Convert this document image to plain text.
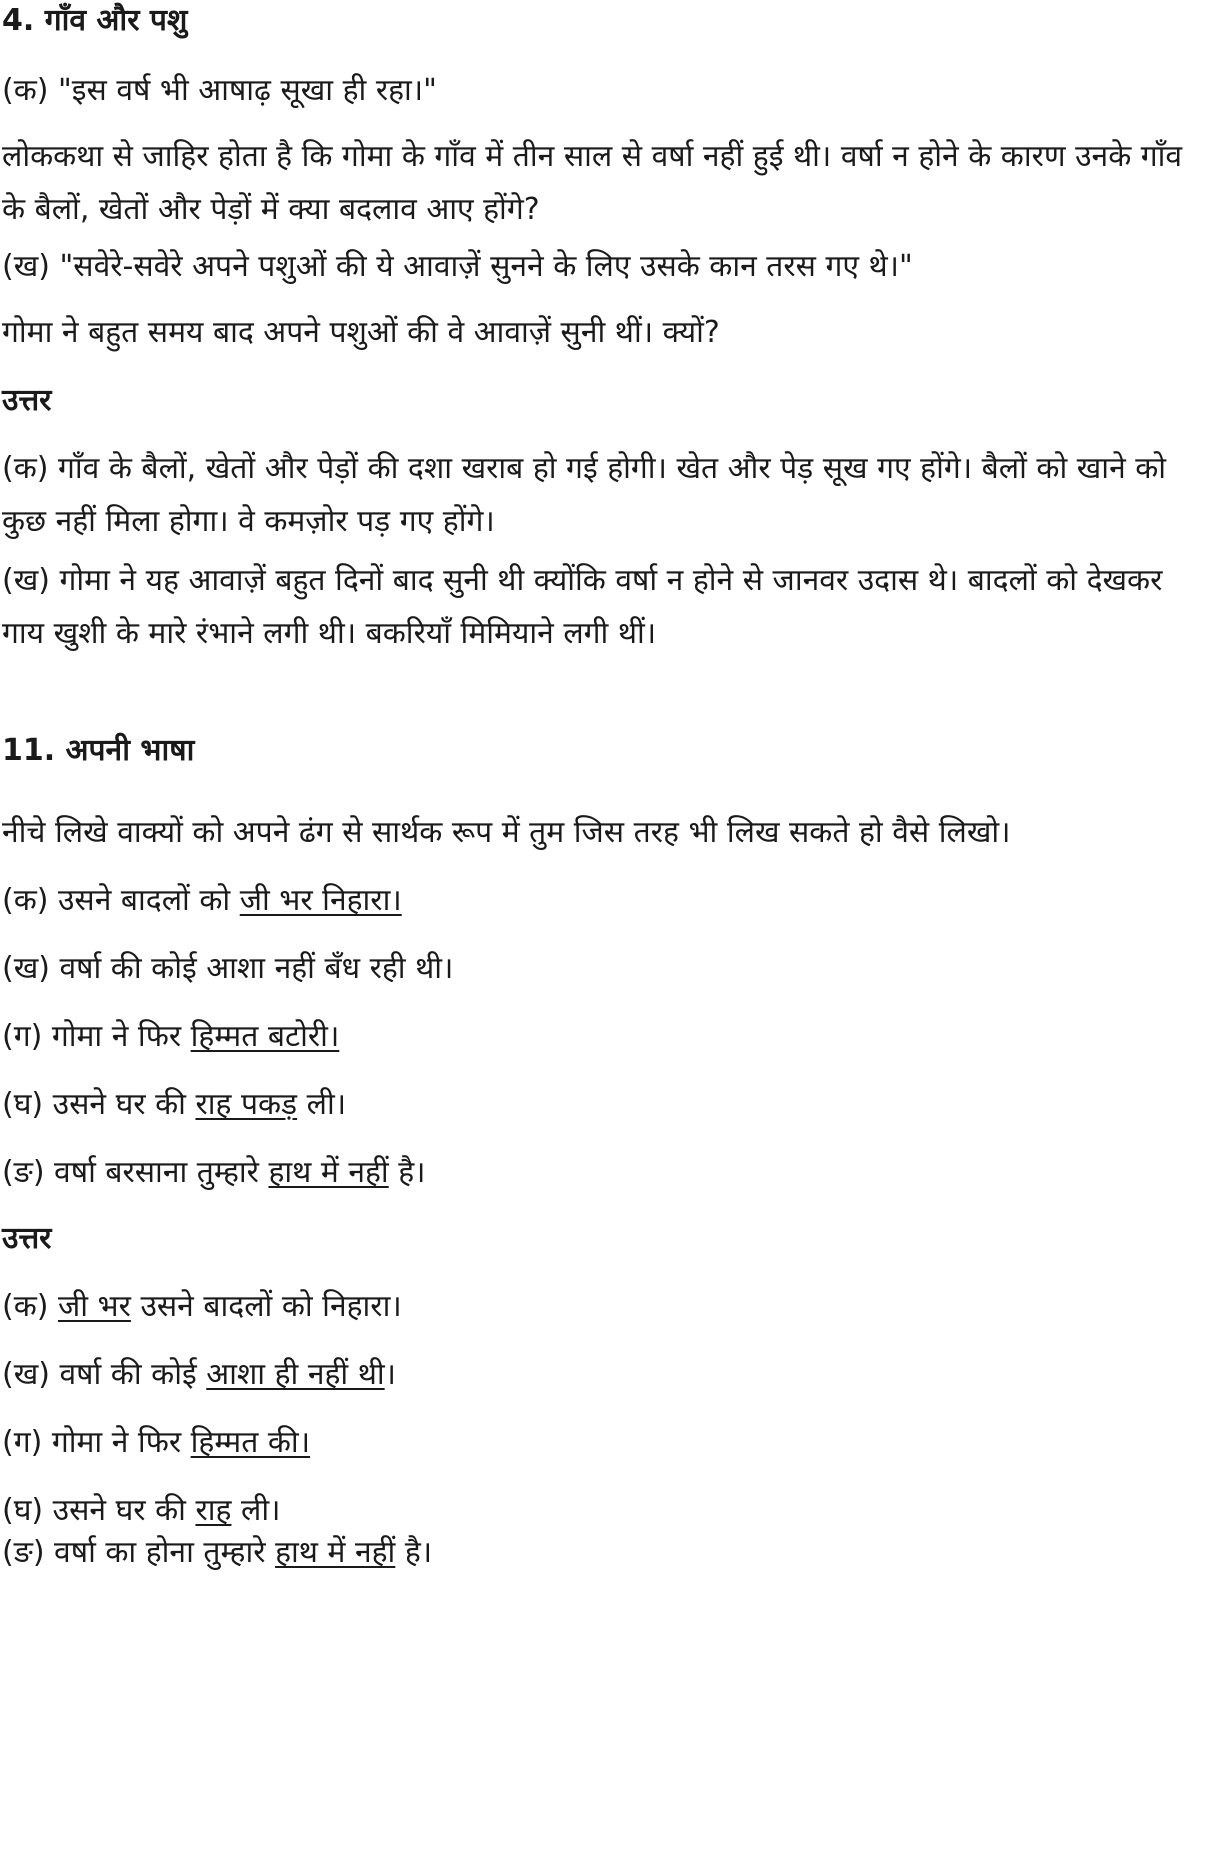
4. गाँव और पशु

(क) "इस वर्ष भी आषाढ़ सूखा ही रहा।"

लोककथा से जाहिर होता है कि गोमा के गाँव में तीन साल से वर्षा नहीं हुई थी। वर्षा न होने के कारण उनके गाँव के बैलों, खेतों और पेड़ों में क्या बदलाव आए होंगे?

(ख) "सवेरे-सवेरे अपने पशुओं की ये आवाज़ें सुनने के लिए उसके कान तरस गए थे।"

गोमा ने बहुत समय बाद अपने पशुओं की वे आवाज़ें सुनी थीं। क्यों?

उत्तर

(क) गाँव के बैलों, खेतों और पेड़ों की दशा खराब हो गई होगी। खेत और पेड़ सूख गए होंगे। बैलों को खाने को कुछ नहीं मिला होगा। वे कमज़ोर पड़ गए होंगे।

(ख) गोमा ने यह आवाज़ें बहुत दिनों बाद सुनी थी क्योंकि वर्षा न होने से जानवर उदास थे। बादलों को देखकर गाय खुशी के मारे रंभाने लगी थी। बकरियाँ मिमियाने लगी थीं।

11. अपनी भाषा

नीचे लिखे वाक्यों को अपने ढंग से सार्थक रूप में तुम जिस तरह भी लिख सकते हो वैसे लिखो।

(क) उसने बादलों को जी भर निहारा।

(ख) वर्षा की कोई आशा नहीं बँध रही थी।

(ग) गोमा ने फिर हिम्मत बटोरी।

(घ) उसने घर की राह पकड़ ली।

(ङ) वर्षा बरसाना तुम्हारे हाथ में नहीं है।

उत्तर

(क) जी भर उसने बादलों को निहारा।

(ख) वर्षा की कोई आशा ही नहीं थी।

(ग) गोमा ने फिर हिम्मत की।

(घ) उसने घर की राह ली।

(ङ) वर्षा का होना तुम्हारे हाथ में नहीं है।
